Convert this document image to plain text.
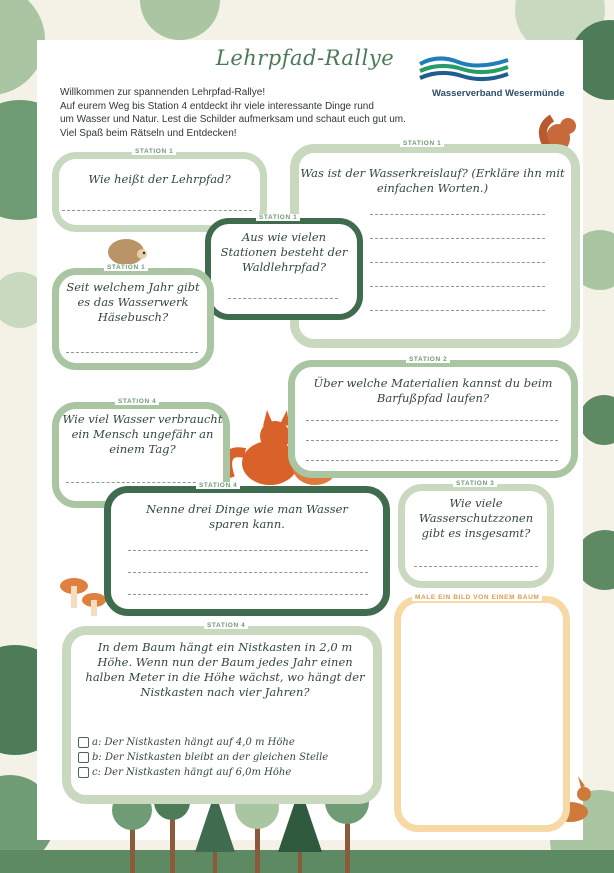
Lehrpfad-Rallye
Wasserverband Wesermünde
Willkommen zur spannenden Lehrpfad-Rallye!
Auf eurem Weg bis Station 4 entdeckt ihr viele interessante Dinge rund
um Wasser und Natur. Lest die Schilder aufmerksam und schaut euch gut um.
Viel Spaß beim Rätseln und Entdecken!
STATION 1
Wie heißt der Lehrpfad?
STATION 1
Was ist der Wasserkreislauf? (Erkläre ihn mit einfachen Worten.)
STATION 1
Aus wie vielen Stationen besteht der Waldlehrpfad?
STATION 1
Seit welchem Jahr gibt es das Wasserwerk Häsebusch?
STATION 2
Über welche Materialien kannst du beim Barfußpfad laufen?
STATION 4
Wie viel Wasser verbraucht ein Mensch ungefähr an einem Tag?
STATION 4
Nenne drei Dinge wie man Wasser sparen kann.
STATION 3
Wie viele Wasserschutzzonen gibt es insgesamt?
MALE EIN BILD VON EINEM BAUM
STATION 4
In dem Baum hängt ein Nistkasten in 2,0 m Höhe. Wenn nun der Baum jedes Jahr einen halben Meter in die Höhe wächst, wo hängt der Nistkasten nach vier Jahren?
a: Der Nistkasten hängt auf 4,0 m Höhe
b: Der Nistkasten bleibt an der gleichen Stelle
c: Der Nistkasten hängt auf 6,0m Höhe
